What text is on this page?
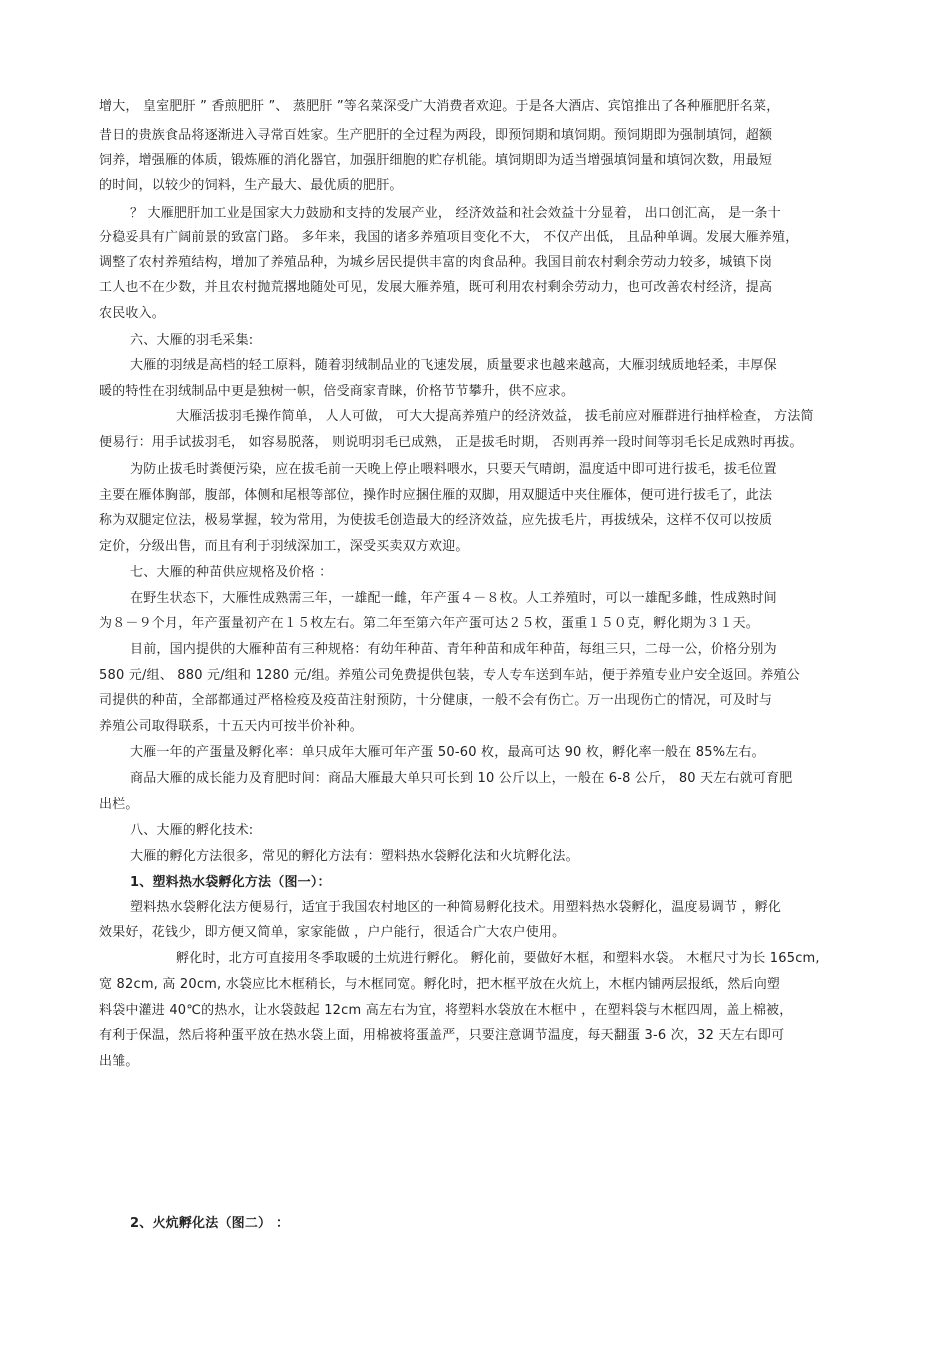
增大， 皇室肥肝 ” 香煎肥肝 ”、 蒸肥肝 ”等名菜深受广大消费者欢迎。于是各大酒店、宾馆推出了各种雁肥肝名菜，
昔日的贵族食品将逐渐进入寻常百姓家。生产肥肝的全过程为两段，即预饲期和填饲期。预饲期即为强制填饲，超额
饲养，增强雁的体质，锻炼雁的消化器官，加强肝细胞的贮存机能。填饲期即为适当增强填饲量和填饲次数，用最短
的时间，以较少的饲料，生产最大、最优质的肥肝。
？ 大雁肥肝加工业是国家大力鼓励和支持的发展产业， 经济效益和社会效益十分显着， 出口创汇高， 是一条十
分稳妥具有广阔前景的致富门路。 多年来，我国的诸多养殖项目变化不大， 不仅产出低， 且品种单调。发展大雁养殖，
调整了农村养殖结构，增加了养殖品种，为城乡居民提供丰富的肉食品种。我国目前农村剩余劳动力较多，城镇下岗
工人也不在少数，并且农村抛荒撂地随处可见，发展大雁养殖，既可利用农村剩余劳动力，也可改善农村经济，提高
农民收入。
六、大雁的羽毛采集:
大雁的羽绒是高档的轻工原料，随着羽绒制品业的飞速发展，质量要求也越来越高，大雁羽绒质地轻柔，丰厚保
暖的特性在羽绒制品中更是独树一帜，倍受商家青睐，价格节节攀升，供不应求。
大雁活拔羽毛操作简单， 人人可做， 可大大提高养殖户的经济效益， 拔毛前应对雁群进行抽样检查， 方法简
便易行：用手试拔羽毛， 如容易脱落， 则说明羽毛已成熟， 正是拔毛时期， 否则再养一段时间等羽毛长足成熟时再拔。
为防止拔毛时粪便污染，应在拔毛前一天晚上停止喂料喂水，只要天气晴朗，温度适中即可进行拔毛，拔毛位置
主要在雁体胸部，腹部，体侧和尾根等部位，操作时应捆住雁的双脚，用双腿适中夹住雁体，便可进行拔毛了，此法
称为双腿定位法，极易掌握，较为常用，为使拔毛创造最大的经济效益，应先拔毛片，再拔绒朵，这样不仅可以按质
定价，分级出售，而且有利于羽绒深加工，深受买卖双方欢迎。
七、大雁的种苗供应规格及价格 ：
在野生状态下，大雁性成熟需三年，一雄配一雌，年产蛋４－８枚。人工养殖时，可以一雄配多雌，性成熟时间
为８－９个月，年产蛋量初产在１５枚左右。第二年至第六年产蛋可达２５枚，蛋重１５０克，孵化期为３１天。
目前，国内提供的大雁种苗有三种规格：有幼年种苗、青年种苗和成年种苗，每组三只，二母一公，价格分别为
580 元/组、 880 元/组和 1280 元/组。养殖公司免费提供包装，专人专车送到车站，便于养殖专业户安全返回。养殖公
司提供的种苗，全部都通过严格检疫及疫苗注射预防，十分健康，一般不会有伤亡。万一出现伤亡的情况，可及时与
养殖公司取得联系，十五天内可按半价补种。
大雁一年的产蛋量及孵化率：单只成年大雁可年产蛋 50-60 枚，最高可达 90 枚，孵化率一般在 85%左右。
商品大雁的成长能力及育肥时间：商品大雁最大单只可长到 10 公斤以上，一般在 6-8 公斤， 80 天左右就可育肥
出栏。
八、大雁的孵化技术:
大雁的孵化方法很多，常见的孵化方法有：塑料热水袋孵化法和火坑孵化法。
1、塑料热水袋孵化方法（图一）：
塑料热水袋孵化法方便易行，适宜于我国农村地区的一种简易孵化技术。用塑料热水袋孵化，温度易调节 ，孵化
效果好，花钱少，即方便又简单，家家能做 ，户户能行，很适合广大农户使用。
孵化时，北方可直接用冬季取暖的土炕进行孵化。 孵化前，要做好木框，和塑料水袋。 木框尺寸为长 165cm,
宽 82cm, 高 20cm, 水袋应比木框稍长，与木框同宽。孵化时，把木框平放在火炕上，木框内铺两层报纸，然后向塑
料袋中灌进 40℃的热水，让水袋鼓起 12cm 高左右为宜，将塑料水袋放在木框中 ，在塑料袋与木框四周，盖上棉被，
有利于保温，然后将种蛋平放在热水袋上面，用棉被将蛋盖严，只要注意调节温度，每天翻蛋 3-6 次，32 天左右即可
出雏。
2、火炕孵化法（图二） ：
